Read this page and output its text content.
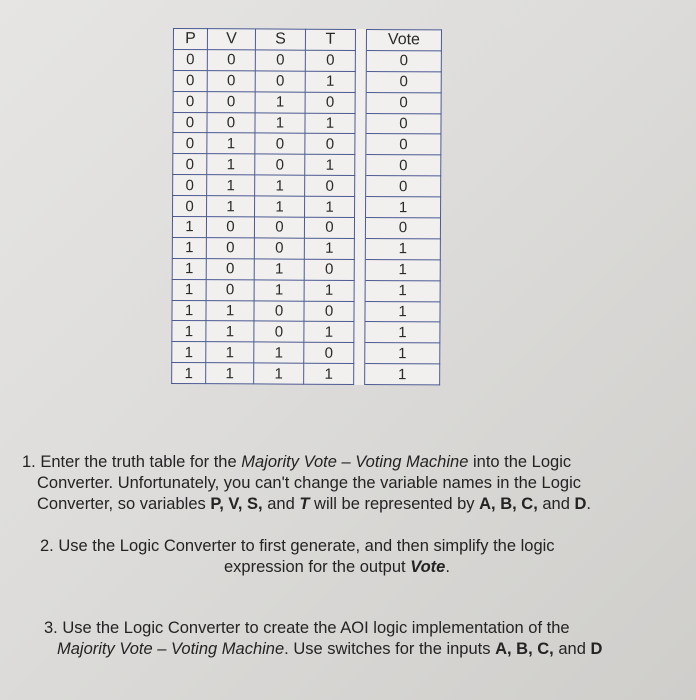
P	V	S	T		Vote
0	0	0	0		0
0	0	0	1		0
0	0	1	0		0
0	0	1	1		0
0	1	0	0		0
0	1	0	1		0
0	1	1	0		0
0	1	1	1		1
1	0	0	0		0
1	0	0	1		1
1	0	1	0		1
1	0	1	1		1
1	1	0	0		1
1	1	0	1		1
1	1	1	0		1
1	1	1	1		1
1. Enter the truth table for the Majority Vote – Voting Machine into the Logic
Converter. Unfortunately, you can't change the variable names in the Logic
Converter, so variables P, V, S, and T will be represented by A, B, C, and D.
2. Use the Logic Converter to first generate, and then simplify the logic
expression for the output Vote.
3. Use the Logic Converter to create the AOI logic implementation of the
Majority Vote – Voting Machine. Use switches for the inputs A, B, C, and D
